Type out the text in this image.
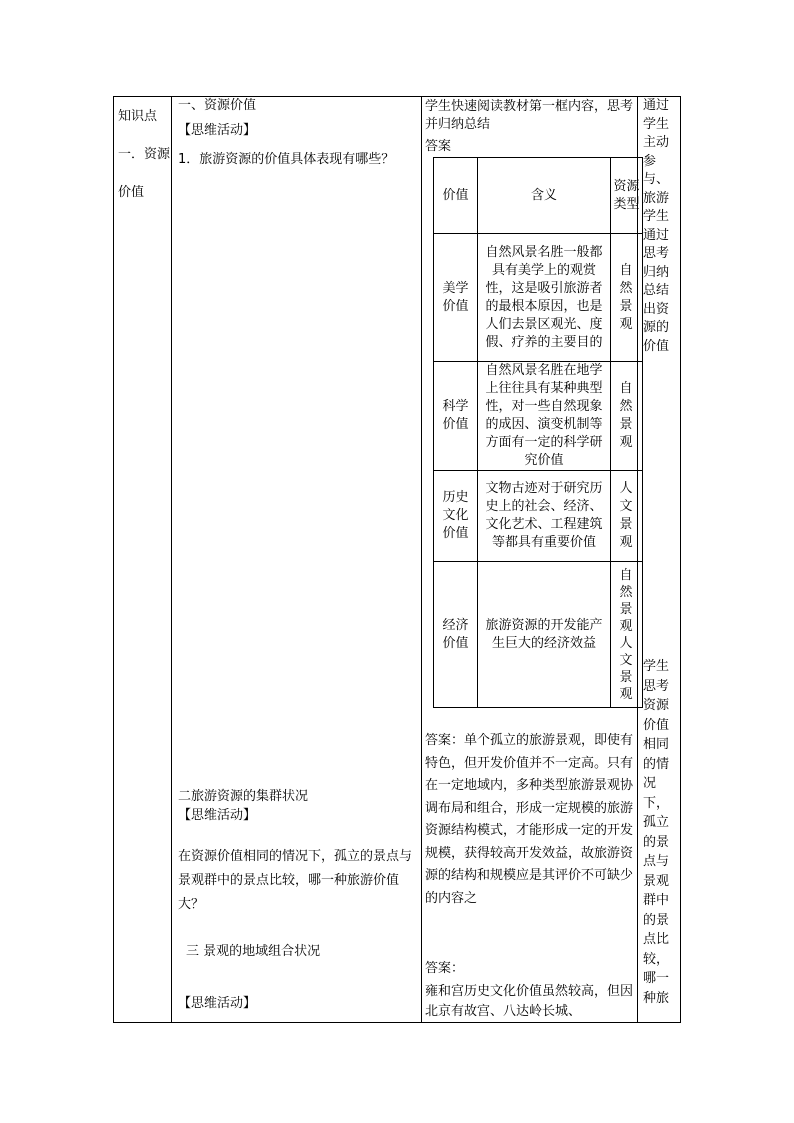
知识点一．资源价值
一、资源价值
【思维活动】
1．旅游资源的价值具体表现有哪些？
二旅游资源的集群状况
【思维活动】
在资源价值相同的情况下，孤立的景点与景观群中的景点比较，哪一种旅游价值大？
三 景观的地域组合状况
【思维活动】
学生快速阅读教材第一框内容，思考并归纳总结
答案
价值	含义
资源类型
美学价值
自然风景名胜一般都具有美学上的观赏性，这是吸引旅游者的最根本原因，也是人们去景区观光、度假、疗养的主要目的
自然景观
科学价值
自然风景名胜在地学上往往具有某种典型性，对一些自然现象的成因、演变机制等方面有一定的科学研究价值
自然景观
历史文化价值
文物古迹对于研究历史上的社会、经济、文化艺术、工程建筑等都具有重要价值
人文景观
经济价值
旅游资源的开发能产生巨大的经济效益
自然景观人文景观
答案：单个孤立的旅游景观，即使有特色，但开发价值并不一定高。只有在一定地域内，多种类型旅游景观协调布局和组合，形成一定规模的旅游资源结构模式，才能形成一定的开发规模，获得较高开发效益，故旅游资源的结构和规模应是其评价不可缺少的内容之
答案：
雍和宫历史文化价值虽然较高，但因北京有故宫、八达岭长城、
通过学生主动参与、旅游学生通过思考归纳总结出资源的价值
学生思考资源价值相同的情况下，孤立的景点与景观群中的景点比较，哪一种旅
